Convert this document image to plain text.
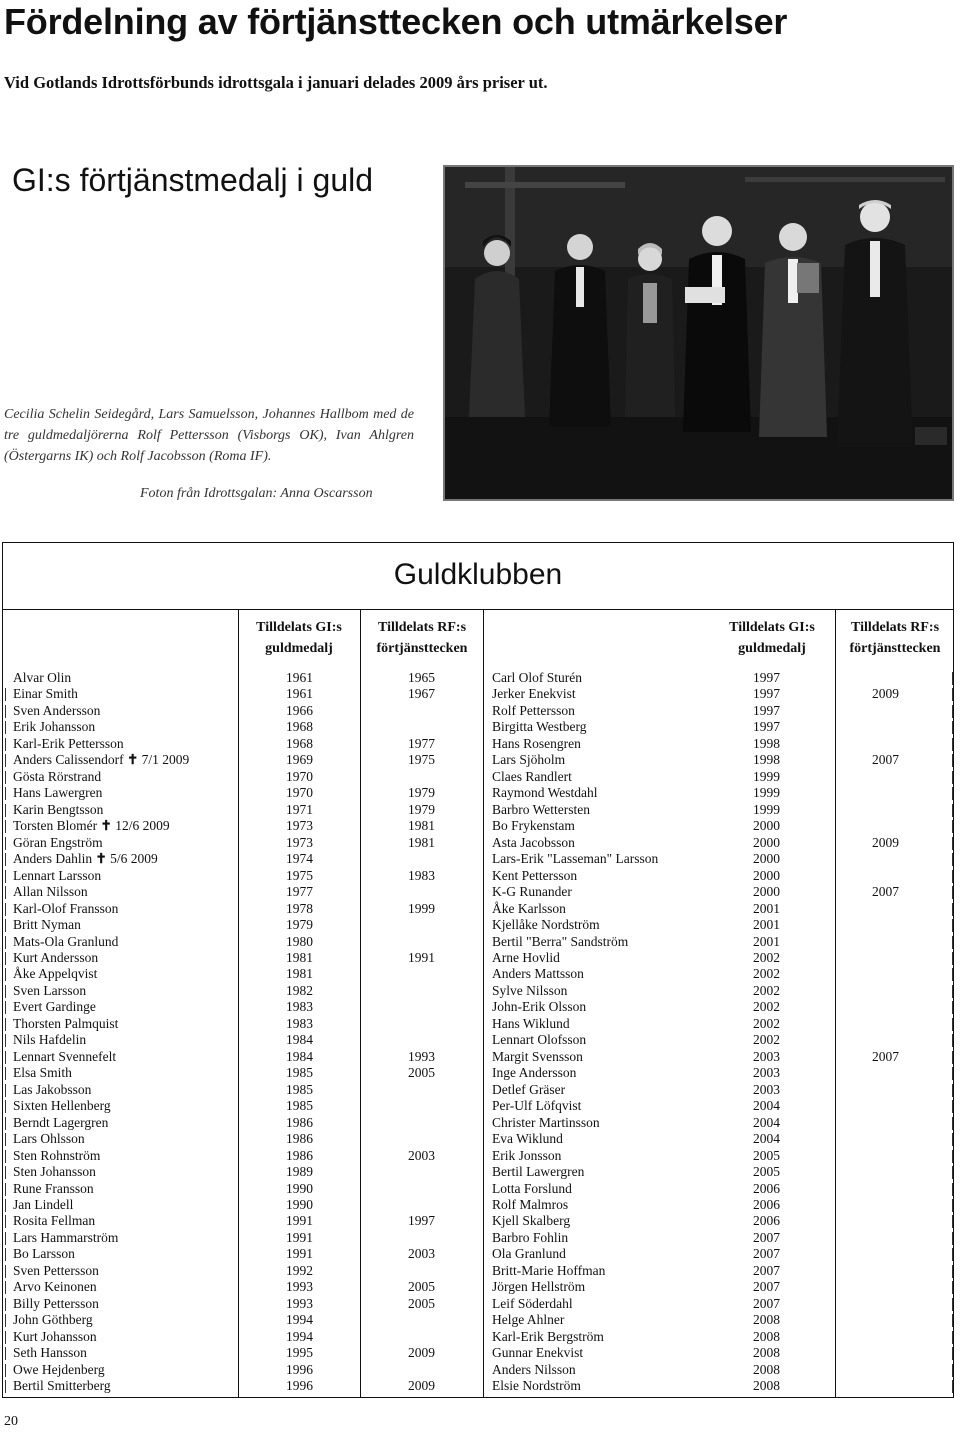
Fördelning av förtjänsttecken och utmärkelser
Vid Gotlands Idrottsförbunds idrottsgala i januari delades 2009 års priser ut.
GI:s förtjänstmedalj i guld
Cecilia Schelin Seidegård, Lars Samuelsson, Johannes Hallbom med de tre guldmedaljörerna Rolf Pettersson (Visborgs OK), Ivan Ahlgren (Östergarns IK) och Rolf Jacobsson (Roma IF).
Foton från Idrottsgalan: Anna Oscarsson
Guldklubben
Tilldelats GI:s
guldmedalj
Tilldelats RF:s
förtjänsttecken
Tilldelats GI:s
guldmedalj
Tilldelats RF:s
förtjänsttecken
Alvar Olin	1961	1965
Einar Smith	1961	1967
Sven Andersson	1966
Erik Johansson	1968
Karl-Erik Pettersson	1968	1977
Anders Calissendorf ✝ 7/1 2009	1969	1975
Gösta Rörstrand	1970
Hans Lawergren	1970	1979
Karin Bengtsson	1971	1979
Torsten Blomér ✝ 12/6 2009	1973	1981
Göran Engström	1973	1981
Anders Dahlin ✝ 5/6 2009	1974
Lennart Larsson	1975	1983
Allan Nilsson	1977
Karl-Olof Fransson	1978	1999
Britt Nyman	1979
Mats-Ola Granlund	1980
Kurt Andersson	1981	1991
Åke Appelqvist	1981
Sven Larsson	1982
Evert Gardinge	1983
Thorsten Palmquist	1983
Nils Hafdelin	1984
Lennart Svennefelt	1984	1993
Elsa Smith	1985	2005
Las Jakobsson	1985
Sixten Hellenberg	1985
Berndt Lagergren	1986
Lars Ohlsson	1986
Sten Rohnström	1986	2003
Sten Johansson	1989
Rune Fransson	1990
Jan Lindell	1990
Rosita Fellman	1991	1997
Lars Hammarström	1991
Bo Larsson	1991	2003
Sven Pettersson	1992
Arvo Keinonen	1993	2005
Billy Pettersson	1993	2005
John Göthberg	1994
Kurt Johansson	1994
Seth Hansson	1995	2009
Owe Hejdenberg	1996
Bertil Smitterberg	1996	2009
Carl Olof Sturén	1997
Jerker Enekvist	1997	2009
Rolf Pettersson	1997
Birgitta Westberg	1997
Hans Rosengren	1998
Lars Sjöholm	1998	2007
Claes Randlert	1999
Raymond Westdahl	1999
Barbro Wettersten	1999
Bo Frykenstam	2000
Asta Jacobsson	2000	2009
Lars-Erik "Lasseman" Larsson	2000
Kent Pettersson	2000
K-G Runander	2000	2007
Åke Karlsson	2001
Kjellåke Nordström	2001
Bertil "Berra" Sandström	2001
Arne Hovlid	2002
Anders Mattsson	2002
Sylve Nilsson	2002
John-Erik Olsson	2002
Hans Wiklund	2002
Lennart Olofsson	2002
Margit Svensson	2003	2007
Inge Andersson	2003
Detlef Gräser	2003
Per-Ulf Löfqvist	2004
Christer Martinsson	2004
Eva Wiklund	2004
Erik Jonsson	2005
Bertil Lawergren	2005
Lotta Forslund	2006
Rolf Malmros	2006
Kjell Skalberg	2006
Barbro Fohlin	2007
Ola Granlund	2007
Britt-Marie Hoffman	2007
Jörgen Hellström	2007
Leif Söderdahl	2007
Helge Ahlner	2008
Karl-Erik Bergström	2008
Gunnar Enekvist	2008
Anders Nilsson	2008
Elsie Nordström	2008
20
